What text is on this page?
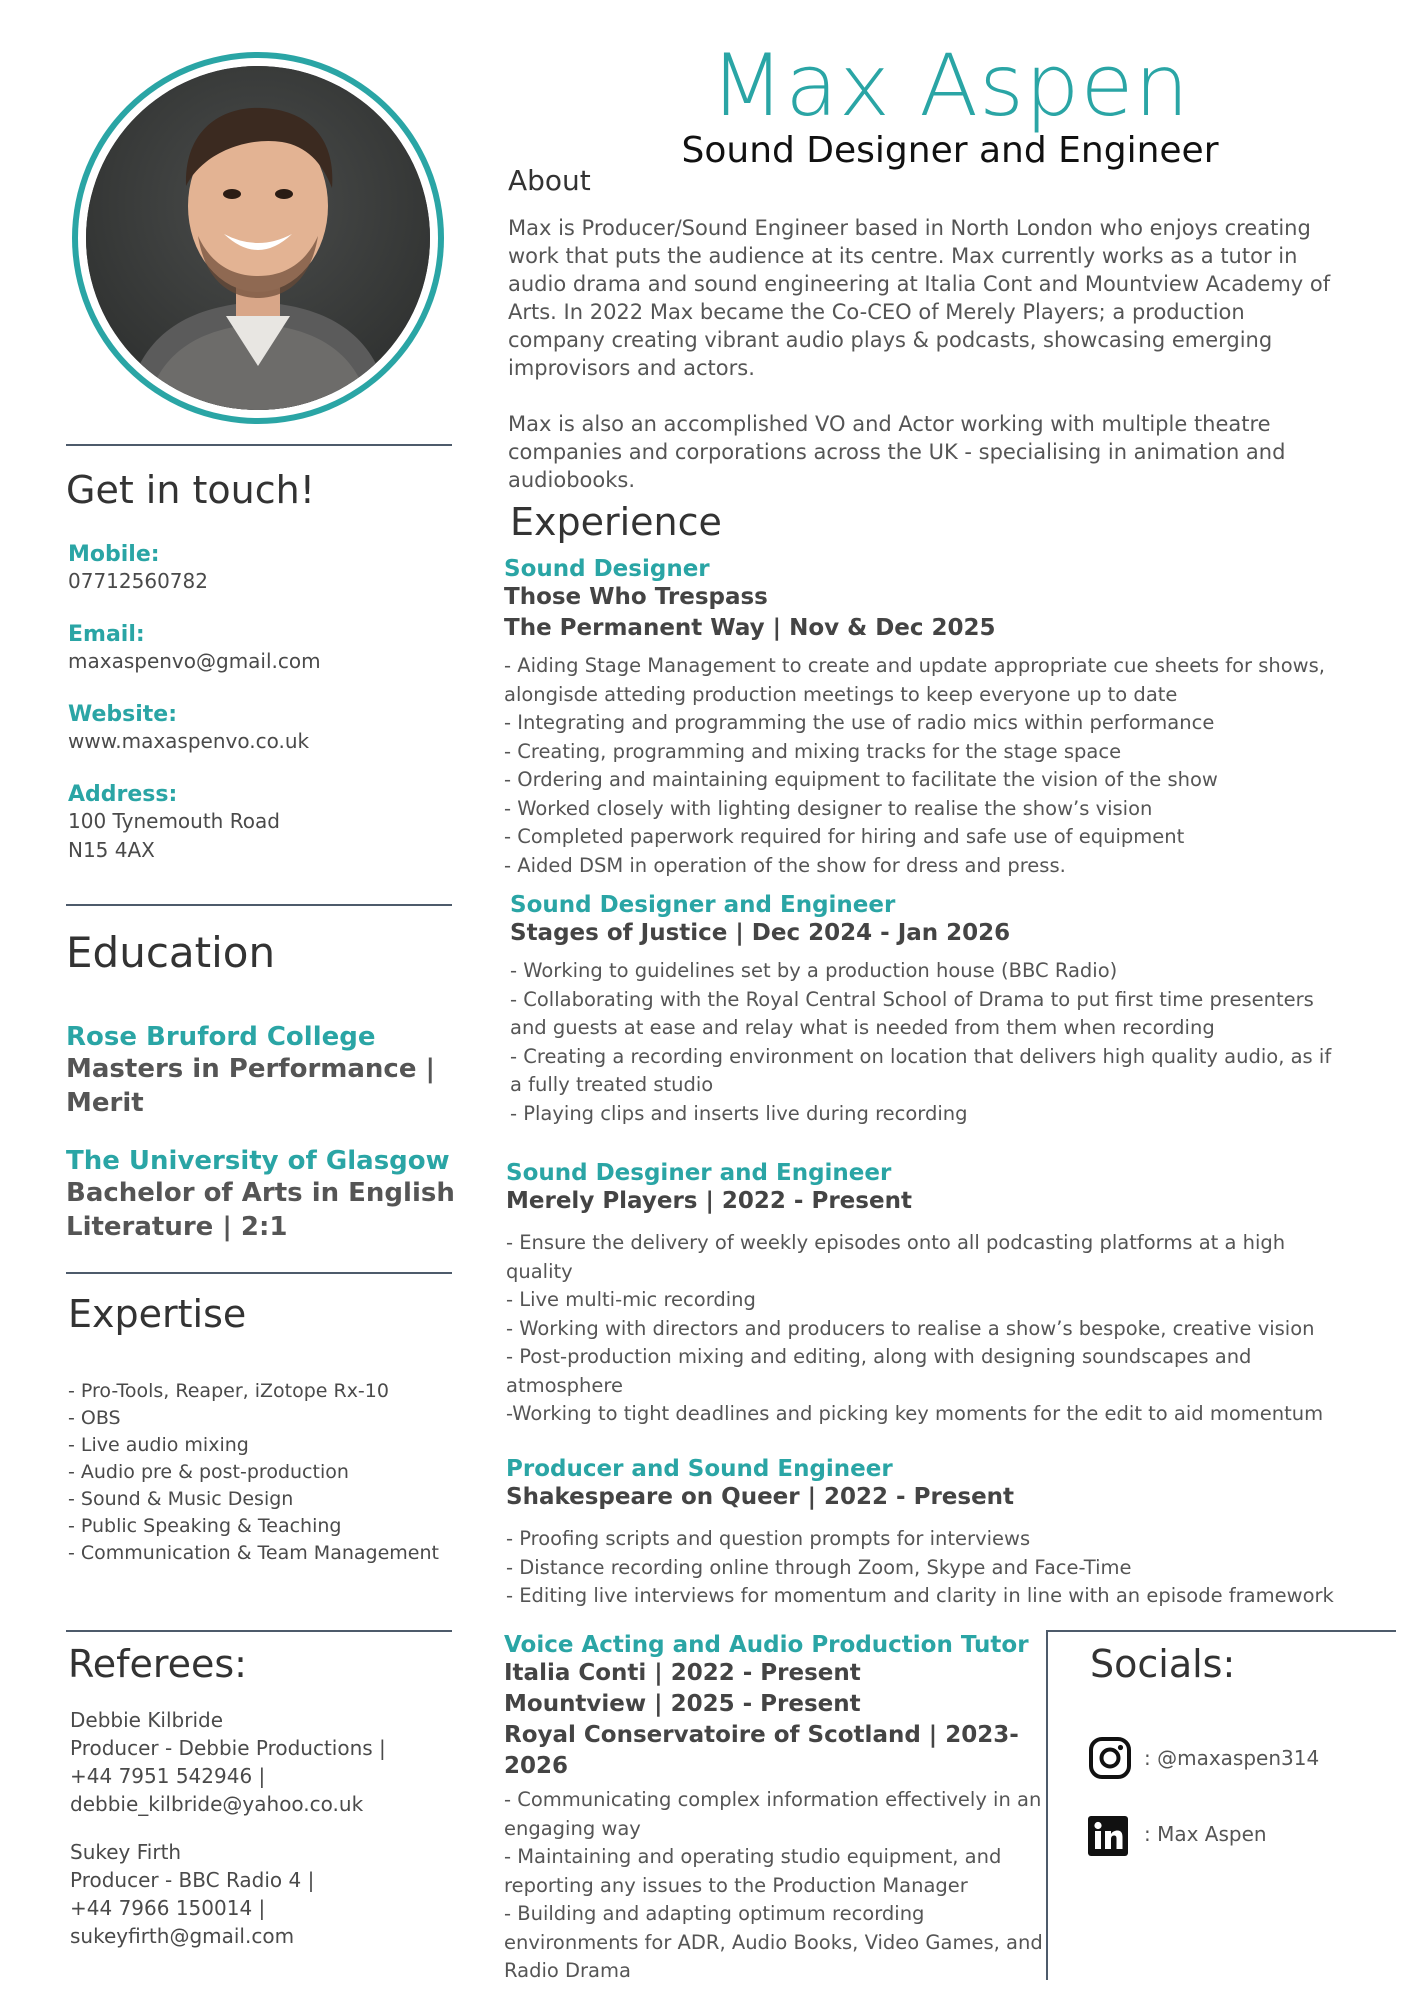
Max Aspen
Sound Designer and Engineer
Get in touch!
Mobile:
07712560782
Email:
maxaspenvo@gmail.com
Website:
www.maxaspenvo.co.uk
Address:
100 Tynemouth Road
N15 4AX
Education
Rose Bruford College
Masters in Performance | Merit
The University of Glasgow
Bachelor of Arts in English Literature | 2:1
Expertise
- Pro-Tools, Reaper, iZotope Rx-10
- OBS
- Live audio mixing
- Audio pre & post-production
- Sound & Music Design
- Public Speaking & Teaching
- Communication & Team Management
Referees:
Debbie Kilbride
Producer - Debbie Productions |
+44 7951 542946 |
debbie_kilbride@yahoo.co.uk
Sukey Firth
Producer - BBC Radio 4 |
+44 7966 150014 |
sukeyfirth@gmail.com
About
Max is Producer/Sound Engineer based in North London who enjoys creating work that puts the audience at its centre. Max currently works as a tutor in audio drama and sound engineering at Italia Cont and Mountview Academy of Arts. In 2022 Max became the Co-CEO of Merely Players; a production company creating vibrant audio plays & podcasts, showcasing emerging improvisors and actors.
Max is also an accomplished VO and Actor working with multiple theatre companies and corporations across the UK - specialising in animation and audiobooks.
Experience
Sound Designer
Those Who Trespass
The Permanent Way | Nov & Dec 2025
- Aiding Stage Management to create and update appropriate cue sheets for shows,
alongisde atteding production meetings to keep everyone up to date
- Integrating and programming the use of radio mics within performance
- Creating, programming and mixing tracks for the stage space
- Ordering and maintaining equipment to facilitate the vision of the show
- Worked closely with lighting designer to realise the show’s vision
- Completed paperwork required for hiring and safe use of equipment
- Aided DSM in operation of the show for dress and press.
Sound Designer and Engineer
Stages of Justice | Dec 2024 - Jan 2026
- Working to guidelines set by a production house (BBC Radio)
- Collaborating with the Royal Central School of Drama to put first time presenters
and guests at ease and relay what is needed from them when recording
- Creating a recording environment on location that delivers high quality audio, as if
a fully treated studio
- Playing clips and inserts live during recording
Sound Desginer and Engineer
Merely Players | 2022 - Present
- Ensure the delivery of weekly episodes onto all podcasting platforms at a high
quality
- Live multi-mic recording
- Working with directors and producers to realise a show’s bespoke, creative vision
- Post-production mixing and editing, along with designing soundscapes and
atmosphere
-Working to tight deadlines and picking key moments for the edit to aid momentum
Producer and Sound Engineer
Shakespeare on Queer | 2022 - Present
- Proofing scripts and question prompts for interviews
- Distance recording online through Zoom, Skype and Face-Time
- Editing live interviews for momentum and clarity in line with an episode framework
Voice Acting and Audio Production Tutor
Italia Conti | 2022 - Present
Mountview | 2025 - Present
Royal Conservatoire of Scotland | 2023-2026
- Communicating complex information effectively in an
engaging way
- Maintaining and operating studio equipment, and
reporting any issues to the Production Manager
- Building and adapting optimum recording
environments for ADR, Audio Books, Video Games, and
Radio Drama
Socials:
: @maxaspen314
: Max Aspen
